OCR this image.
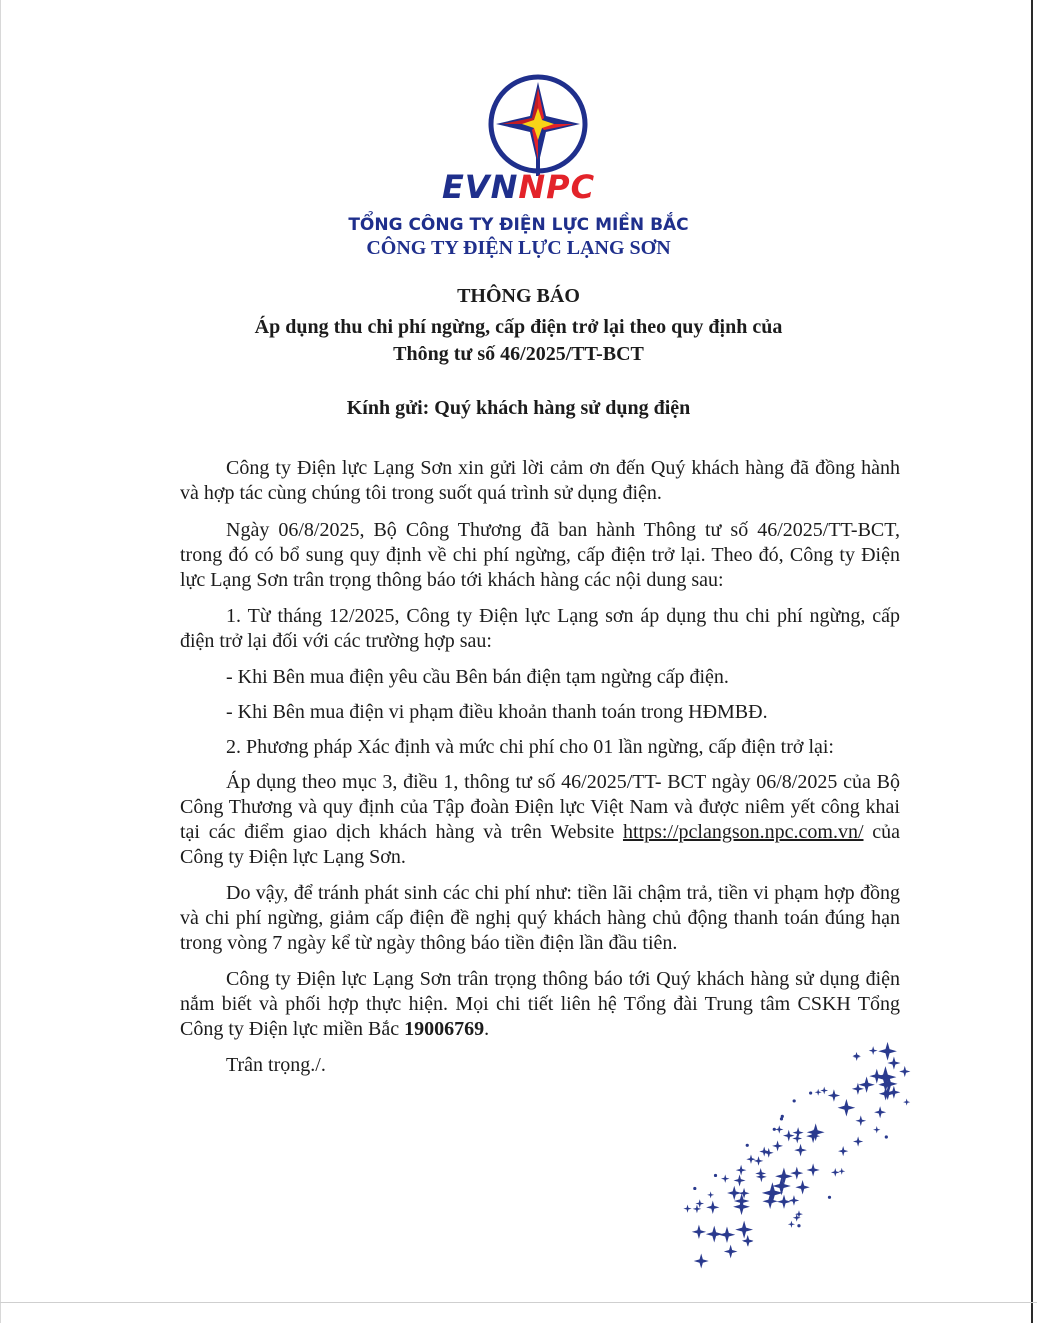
EVNNPC
TỔNG CÔNG TY ĐIỆN LỰC MIỀN BẮC
CÔNG TY ĐIỆN LỰC LẠNG SƠN
THÔNG BÁO
Áp dụng thu chi phí ngừng, cấp điện trở lại theo quy định của
Thông tư số 46/2025/TT-BCT
Kính gửi: Quý khách hàng sử dụng điện
Công ty Điện lực Lạng Sơn xin gửi lời cảm ơn đến Quý khách hàng đã đồng hành và hợp tác cùng chúng tôi trong suốt quá trình sử dụng điện.
Ngày 06/8/2025, Bộ Công Thương đã ban hành Thông tư số 46/2025/TT-BCT, trong đó có bổ sung quy định về chi phí ngừng, cấp điện trở lại. Theo đó, Công ty Điện lực Lạng Sơn trân trọng thông báo tới khách hàng các nội dung sau:
1. Từ tháng 12/2025, Công ty Điện lực Lạng sơn áp dụng thu chi phí ngừng, cấp điện trở lại đối với các trường hợp sau:
- Khi Bên mua điện yêu cầu Bên bán điện tạm ngừng cấp điện.
- Khi Bên mua điện vi phạm điều khoản thanh toán trong HĐMBĐ.
2. Phương pháp Xác định và mức chi phí cho 01 lần ngừng, cấp điện trở lại:
Áp dụng theo mục 3, điều 1, thông tư số 46/2025/TT- BCT ngày 06/8/2025 của Bộ Công Thương và quy định của Tập đoàn Điện lực Việt Nam và được niêm yết công khai tại các điểm giao dịch khách hàng và trên Website https://pclangson.npc.com.vn/ của Công ty Điện lực Lạng Sơn.
Do vậy, để tránh phát sinh các chi phí như: tiền lãi chậm trả, tiền vi phạm hợp đồng và chi phí ngừng, giảm cấp điện đề nghị quý khách hàng chủ động thanh toán đúng hạn trong vòng 7 ngày kể từ ngày thông báo tiền điện lần đầu tiên.
Công ty Điện lực Lạng Sơn trân trọng thông báo tới Quý khách hàng sử dụng điện nắm biết và phối hợp thực hiện. Mọi chi tiết liên hệ Tổng đài Trung tâm CSKH Tổng Công ty Điện lực miền Bắc 19006769.
Trân trọng./.
